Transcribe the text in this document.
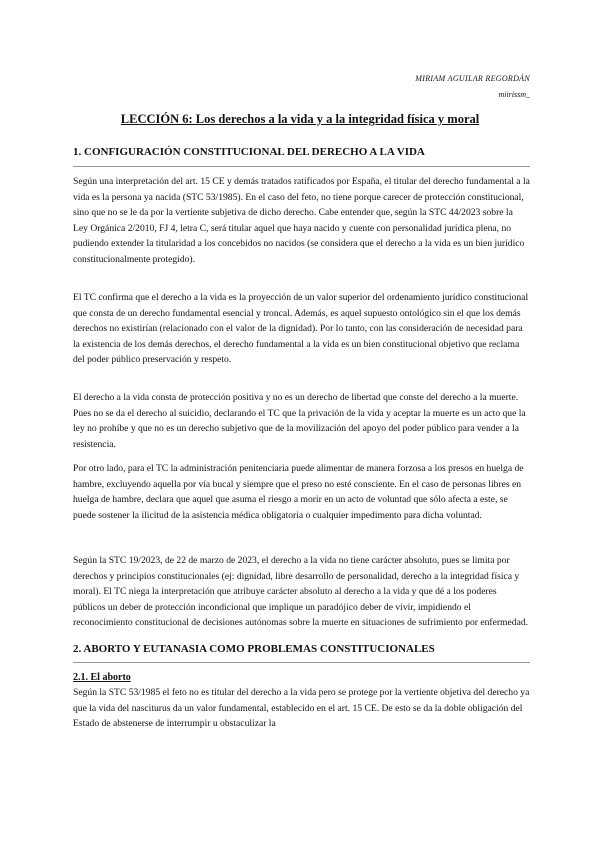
MIRIAM AGUILAR REGORDÁN
miirissm_
LECCIÓN 6: Los derechos a la vida y a la integridad física y moral
1. CONFIGURACIÓN CONSTITUCIONAL DEL DERECHO A LA VIDA
Según una interpretación del art. 15 CE y demás tratados ratificados por España, el titular del derecho fundamental a la vida es la persona ya nacida (STC 53/1985). En el caso del feto, no tiene porque carecer de protección constitucional, sino que no se le da por la vertiente subjetiva de dicho derecho. Cabe entender que, según la STC 44/2023 sobre la Ley Orgánica 2/2010, FJ 4, letra C, será titular aquel que haya nacido y cuente con personalidad jurídica plena, no pudiendo extender la titularidad a los concebidos no nacidos (se considera que el derecho a la vida es un bien jurídico constitucionalmente protegido).
El TC confirma que el derecho a la vida es la proyección de un valor superior del ordenamiento jurídico constitucional que consta de un derecho fundamental esencial y troncal. Además, es aquel supuesto ontológico sin el que los demás derechos no existirían (relacionado con el valor de la dignidad). Por lo tanto, con las consideración de necesidad para la existencia de los demás derechos, el derecho fundamental a la vida es un bien constitucional objetivo que reclama del poder público preservación y respeto.
El derecho a la vida consta de protección positiva y no es un derecho de libertad que conste del derecho a la muerte. Pues no se da el derecho al suicidio, declarando el TC que la privación de la vida y aceptar la muerte es un acto que la ley no prohíbe y que no es un derecho subjetivo que de la movilización del apoyo del poder público para vender a la resistencia.
Por otro lado, para el TC la administración penitenciaria puede alimentar de manera forzosa a los presos en huelga de hambre, excluyendo aquella por vía bucal y siempre que el preso no esté consciente. En el caso de personas libres en huelga de hambre, declara que aquel que asuma el riesgo a morir en un acto de voluntad que sólo afecta a este, se puede sostener la ilicitud de la asistencia médica obligatoria o cualquier impedimento para dicha voluntad.
Según la STC 19/2023, de 22 de marzo de 2023, el derecho a la vida no tiene carácter absoluto, pues se limita por derechos y principios constitucionales (ej: dignidad, libre desarrollo de personalidad, derecho a la integridad física y moral). El TC niega la interpretación que atribuye carácter absoluto al derecho a la vida y que dé a los poderes públicos un deber de protección incondicional que implique un paradójico deber de vivir, impidiendo el reconocimiento constitucional de decisiones autónomas sobre la muerte en situaciones de sufrimiento por enfermedad.
2. ABORTO Y EUTANASIA COMO PROBLEMAS CONSTITUCIONALES
2.1. El aborto
Según la STC 53/1985 el feto no es titular del derecho a la vida pero se protege por la vertiente objetiva del derecho ya que la vida del nasciturus da un valor fundamental, establecido en el art. 15 CE. De esto se da la doble obligación del Estado de abstenerse de interrumpir u obstaculizar la
